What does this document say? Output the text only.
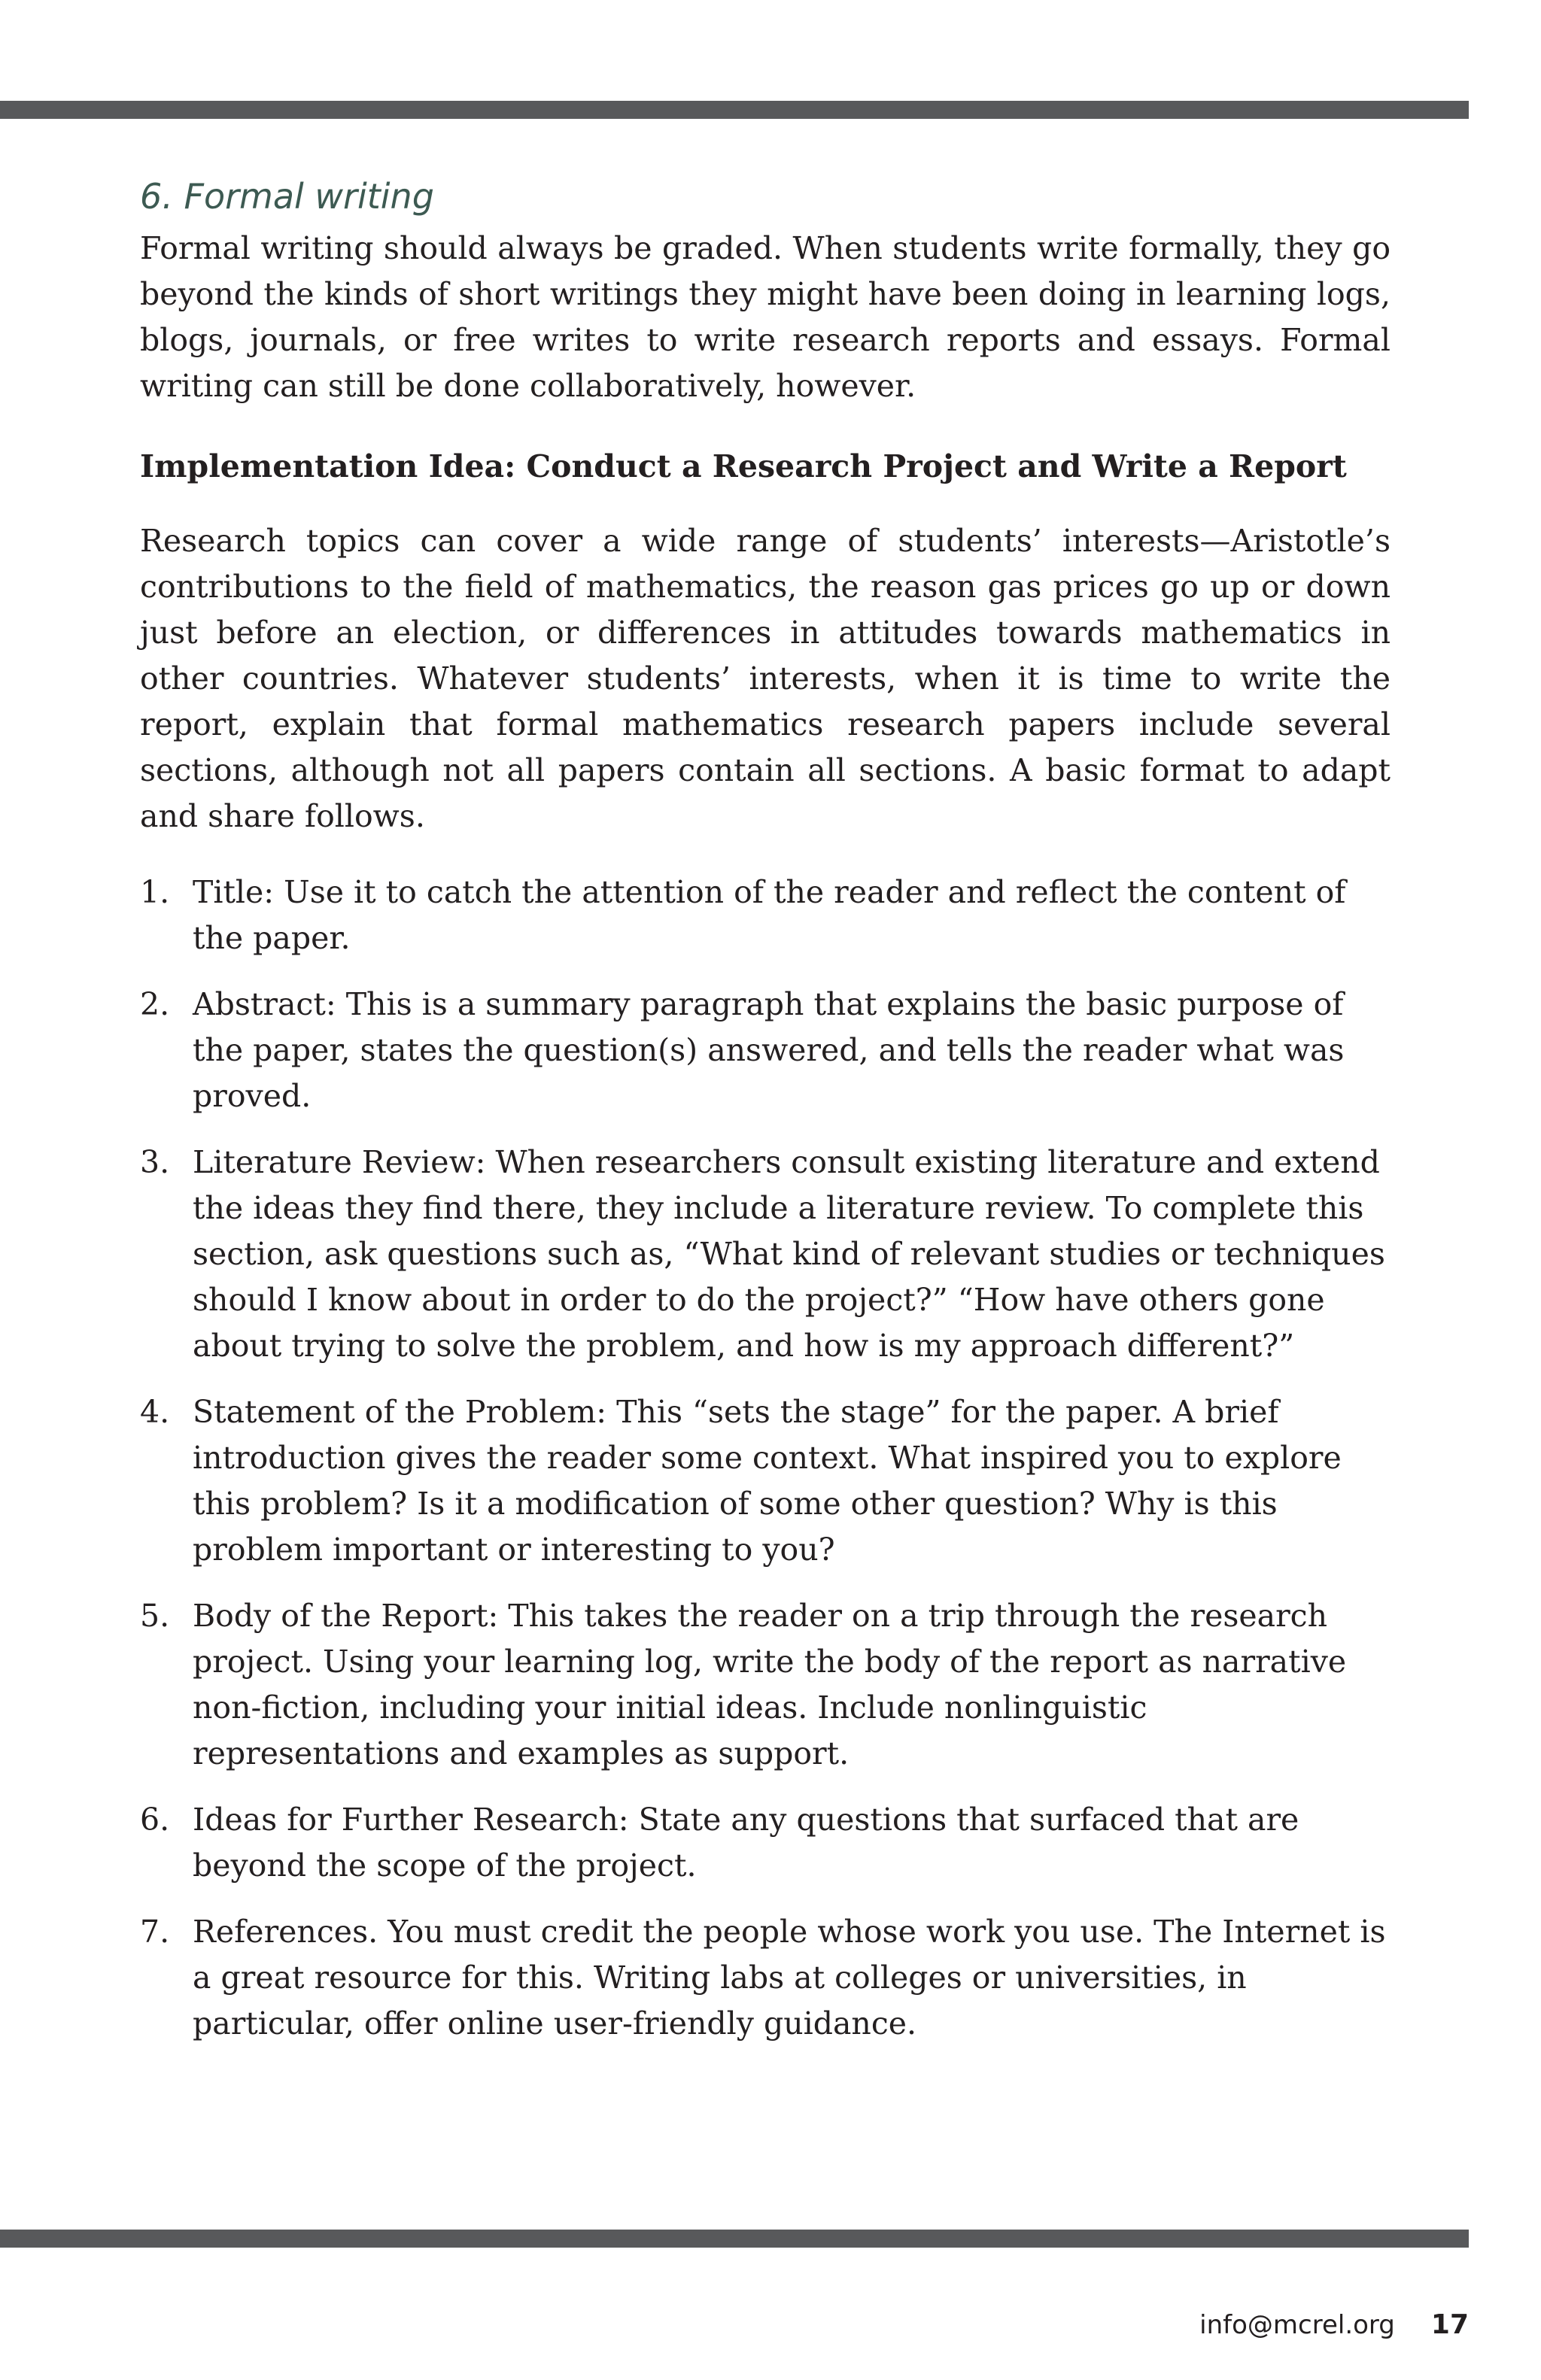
6. Formal writing

Formal writing should always be graded. When students write formally, they go beyond the kinds of short writings they might have been doing in learning logs, blogs, journals, or free writes to write research reports and essays. Formal writing can still be done collaboratively, however.

Implementation Idea: Conduct a Research Project and Write a Report

Research topics can cover a wide range of students’ interests—Aristotle’s contributions to the field of mathematics, the reason gas prices go up or down just before an election, or differences in attitudes towards mathematics in other countries. Whatever students’ interests, when it is time to write the report, explain that formal mathematics research papers include several sections, although not all papers contain all sections. A basic format to adapt and share follows.

1. Title: Use it to catch the attention of the reader and reflect the content of the paper.
2. Abstract: This is a summary paragraph that explains the basic purpose of the paper, states the question(s) answered, and tells the reader what was proved.
3. Literature Review: When researchers consult existing literature and extend the ideas they find there, they include a literature review. To complete this section, ask questions such as, “What kind of relevant studies or techniques should I know about in order to do the project?” “How have others gone about trying to solve the problem, and how is my approach different?”
4. Statement of the Problem: This “sets the stage” for the paper. A brief introduction gives the reader some context. What inspired you to explore this problem? Is it a modification of some other question? Why is this problem important or interesting to you?
5. Body of the Report: This takes the reader on a trip through the research project. Using your learning log, write the body of the report as narrative non-fiction, including your initial ideas. Include nonlinguistic representations and examples as support.
6. Ideas for Further Research: State any questions that surfaced that are beyond the scope of the project.
7. References. You must credit the people whose work you use. The Internet is a great resource for this. Writing labs at colleges or universities, in particular, offer online user-friendly guidance.
info@mcrel.org 17
